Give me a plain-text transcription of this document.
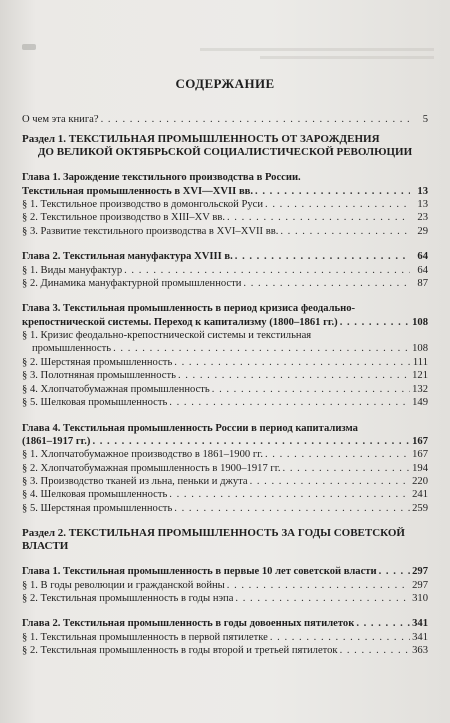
СОДЕРЖАНИЕ
О чем эта книга? . . .	5
Раздел 1. ТЕКСТИЛЬНАЯ ПРОМЫШЛЕННОСТЬ ОТ ЗАРОЖДЕНИЯ
ДО ВЕЛИКОЙ ОКТЯБРЬСКОЙ СОЦИАЛИСТИЧЕСКОЙ РЕВОЛЮЦИИ
Глава 1. Зарождение текстильного производства в России.
Текстильная промышленность в XVI—XVII вв. . . .	13
§ 1. Текстильное производство в домонгольской Руси . . .	13
§ 2. Текстильное производство в XIII–XV вв. . . .	23
§ 3. Развитие текстильного производства в XVI–XVII вв. . . .	29
Глава 2. Текстильная мануфактура XVIII в. . . .	64
§ 1. Виды мануфактур . . .	64
§ 2. Динамика мануфактурной промышленности . . .	87
Глава 3. Текстильная промышленность в период кризиса феодально-
крепостнической системы. Переход к капитализму (1800–1861 гг.) . . .	108
§ 1. Кризис феодально-крепостнической системы и текстильная
промышленность . . .	108
§ 2. Шерстяная промышленность . . .	111
§ 3. Полотняная промышленность . . .	121
§ 4. Хлопчатобумажная промышленность . . .	132
§ 5. Шелковая промышленность . . .	149
Глава 4. Текстильная промышленность России в период капитализма
(1861–1917 гг.) . . .	167
§ 1. Хлопчатобумажное производство в 1861–1900 гг. . . .	167
§ 2. Хлопчатобумажная промышленность в 1900–1917 гг. . . .	194
§ 3. Производство тканей из льна, пеньки и джута . . .	220
§ 4. Шелковая промышленность . . .	241
§ 5. Шерстяная промышленность . . .	259
Раздел 2. ТЕКСТИЛЬНАЯ ПРОМЫШЛЕННОСТЬ ЗА ГОДЫ СОВЕТСКОЙ ВЛАСТИ
Глава 1. Текстильная промышленность в первые 10 лет советской власти . . .	297
§ 1. В годы революции и гражданской войны . . .	297
§ 2. Текстильная промышленность в годы нэпа . . .	310
Глава 2. Текстильная промышленность в годы довоенных пятилеток . . .	341
§ 1. Текстильная промышленность в первой пятилетке . . .	341
§ 2. Текстильная промышленность в годы второй и третьей пятилеток . . .	363
